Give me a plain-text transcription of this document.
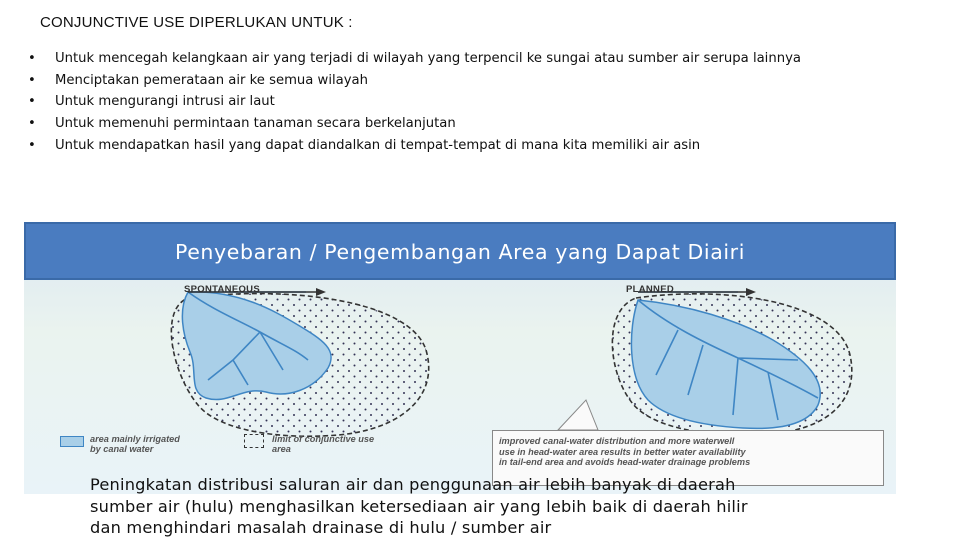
CONJUNCTIVE USE DIPERLUKAN UNTUK :
• Untuk mencegah kelangkaan air yang terjadi di wilayah yang terpencil ke sungai atau sumber air serupa lainnya
• Menciptakan pemerataan air ke semua wilayah
• Untuk mengurangi intrusi air laut
• Untuk memenuhi permintaan tanaman secara berkelanjutan
• Untuk mendapatkan hasil yang dapat diandalkan di tempat-tempat di mana kita memiliki air asin
Penyebaran / Pengembangan Area yang Dapat Diairi
SPONTANEOUS	PLANNED
area mainly irrigated
by canal water
limit of conjunctive use
area
improved canal-water distribution and more waterwell
use in head-water area results in better water availability
in tail-end area and avoids head-water drainage problems
Peningkatan distribusi saluran air dan penggunaan air lebih banyak di daerah
sumber air (hulu) menghasilkan ketersediaan air yang lebih baik di daerah hilir
dan menghindari masalah drainase di hulu / sumber air
